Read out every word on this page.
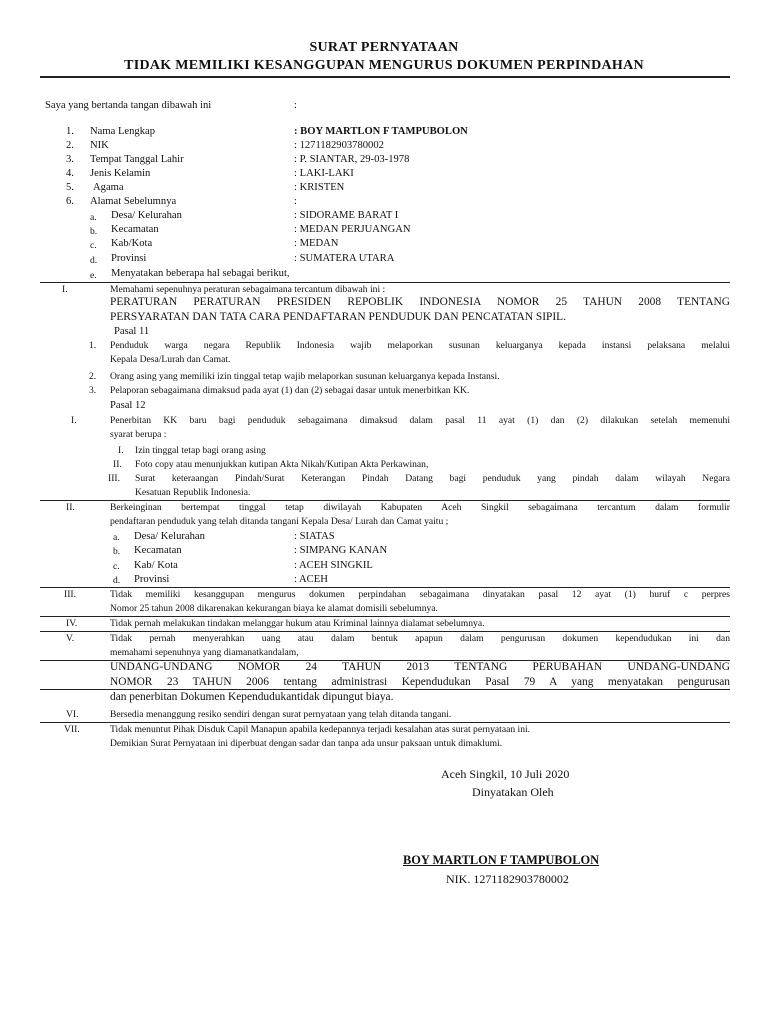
SURAT PERNYATAAN
TIDAK MEMILIKI KESANGGUPAN MENGURUS DOKUMEN PERPINDAHAN
Saya yang bertanda tangan dibawah ini	:
1. Nama Lengkap	: BOY MARTLON F TAMPUBOLON
2. NIK	: 1271182903780002
3. Tempat Tanggal Lahir	: P. SIANTAR, 29-03-1978
4. Jenis Kelamin	: LAKI-LAKI
5. Agama	: KRISTEN
6. Alamat Sebelumnya	:
a. Desa/ Kelurahan	: SIDORAME BARAT I
b. Kecamatan	: MEDAN PERJUANGAN
c. Kab/Kota	: MEDAN
d. Provinsi	: SUMATERA UTARA
e. Menyatakan beberapa hal sebagai berikut,
I.	Memahami sepenuhnya peraturan sebagaimana tercantum dibawah ini :
PERATURAN PERATURAN PRESIDEN REPOBLIK INDONESIA NOMOR 25 TAHUN 2008 TENTANG
PERSYARATAN DAN TATA CARA PENDAFTARAN PENDUDUK DAN PENCATATAN SIPIL.
Pasal 11
1. Penduduk warga negara Republik Indonesia wajib melaporkan susunan keluarganya kepada instansi pelaksana melalui
Kepala Desa/Lurah dan Camat.
2. Orang asing yang memiliki izin tinggal tetap wajib melaporkan susunan keluarganya kepada Instansi.
3. Pelaporan sebagaimana dimaksud pada ayat (1) dan (2) sebagai dasar untuk menerbitkan KK.
Pasal 12
I.	Penerbitan KK baru bagi penduduk sebagaimana dimaksud dalam pasal 11 ayat (1) dan (2) dilakukan setelah memenuhi
syarat berupa :
I. Izin tinggal tetap bagi orang asing
II. Foto copy atau menunjukkan kutipan Akta Nikah/Kutipan Akta Perkawinan,
III. Surat keteraangan Pindah/Surat Keterangan Pindah Datang bagi penduduk yang pindah dalam wilayah Negara
Kesatuan Republik Indonesia.
II.	Berkeinginan bertempat tinggal tetap diwilayah Kabupaten Aceh Singkil sebagaimana tercantum dalam formulir
pendaftaran penduduk yang telah ditanda tangani Kepala Desa/ Lurah dan Camat yaitu ;
a. Desa/ Kelurahan	: SIATAS
b. Kecamatan	: SIMPANG KANAN
c. Kab/ Kota	: ACEH SINGKIL
d. Provinsi	: ACEH
III.	Tidak memiliki kesanggupan mengurus dokumen perpindahan sebagaimana dinyatakan pasal 12 ayat (1) huruf c perpres
Nomor 25 tahun 2008 dikarenakan kekurangan biaya ke alamat domisili sebelumnya.
IV.	Tidak pernah melakukan tindakan melanggar hukum atau Kriminal lainnya dialamat sebelumnya.
V.	Tidak pernah menyerahkan uang atau dalam bentuk apapun dalam pengurusan dokumen kependudukan ini dan
memahami sepenuhnya yang diamanatkandalam,
UNDANG-UNDANG NOMOR 24 TAHUN 2013 TENTANG PERUBAHAN UNDANG-UNDANG
NOMOR 23 TAHUN 2006 tentang administrasi Kependudukan Pasal 79 A yang menyatakan pengurusan
dan penerbitan Dokumen Kependudukantidak dipungut biaya.
VI.	Bersedia menanggung resiko sendiri dengan surat pernyataan yang telah ditanda tangani.
VII.	Tidak menuntut Pihak Disduk Capil Manapun apabila kedepannya terjadi kesalahan atas surat pernyataan ini.
Demikian Surat Pernyataan ini diperbuat dengan sadar dan tanpa ada unsur paksaan untuk dimaklumi.
Aceh Singkil, 10 Juli 2020
Dinyatakan Oleh
BOY MARTLON F TAMPUBOLON
NIK. 1271182903780002
